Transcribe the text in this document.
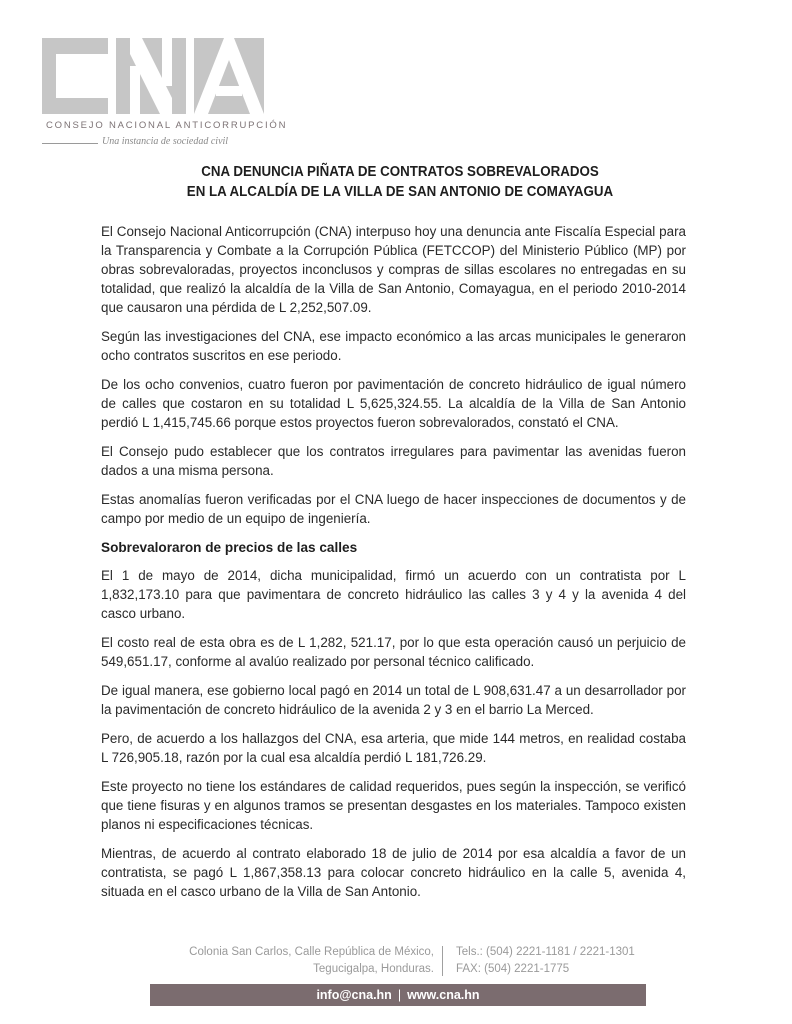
CONSEJO NACIONAL ANTICORRUPCIÓN
Una instancia de sociedad civil
CNA DENUNCIA PIÑATA DE CONTRATOS SOBREVALORADOS
EN LA ALCALDÍA DE LA VILLA DE SAN ANTONIO DE COMAYAGUA

El Consejo Nacional Anticorrupción (CNA) interpuso hoy una denuncia ante Fiscalía Especial para la Transparencia y Combate a la Corrupción Pública (FETCCOP) del Ministerio Público (MP) por obras sobrevaloradas, proyectos inconclusos y compras de sillas escolares no entregadas en su totalidad, que realizó la alcaldía de la Villa de San Antonio, Comayagua, en el periodo 2010-2014 que causaron una pérdida de L 2,252,507.09.

Según las investigaciones del CNA, ese impacto económico a las arcas municipales le generaron ocho contratos suscritos en ese periodo.

De los ocho convenios, cuatro fueron por pavimentación de concreto hidráulico de igual número de calles que costaron en su totalidad L 5,625,324.55. La alcaldía de la Villa de San Antonio perdió L 1,415,745.66 porque estos proyectos fueron sobrevalorados, constató el CNA.

El Consejo pudo establecer que los contratos irregulares para pavimentar las avenidas fueron dados a una misma persona.

Estas anomalías fueron verificadas por el CNA luego de hacer inspecciones de documentos y de campo por medio de un equipo de ingeniería.

Sobrevaloraron de precios de las calles

El 1 de mayo de 2014, dicha municipalidad, firmó un acuerdo con un contratista por L 1,832,173.10 para que pavimentara de concreto hidráulico las calles 3 y 4 y la avenida 4 del casco urbano.

El costo real de esta obra es de L 1,282, 521.17, por lo que esta operación causó un perjuicio de 549,651.17, conforme al avalúo realizado por personal técnico calificado.

De igual manera, ese gobierno local pagó en 2014 un total de L 908,631.47 a un desarrollador por la pavimentación de concreto hidráulico de la avenida 2 y 3 en el barrio La Merced.

Pero, de acuerdo a los hallazgos del CNA, esa arteria, que mide 144 metros, en realidad costaba L 726,905.18, razón por la cual esa alcaldía perdió L 181,726.29.

Este proyecto no tiene los estándares de calidad requeridos, pues según la inspección, se verificó que tiene fisuras y en algunos tramos se presentan desgastes en los materiales. Tampoco existen planos ni especificaciones técnicas.

Mientras, de acuerdo al contrato elaborado 18 de julio de 2014 por esa alcaldía a favor de un contratista, se pagó L 1,867,358.13 para colocar concreto hidráulico en la calle 5, avenida 4, situada en el casco urbano de la Villa de San Antonio.

Colonia San Carlos, Calle República de México,
Tegucigalpa, Honduras.
Tels.: (504) 2221-1181 / 2221-1301
FAX: (504) 2221-1775
info@cna.hn | www.cna.hn
